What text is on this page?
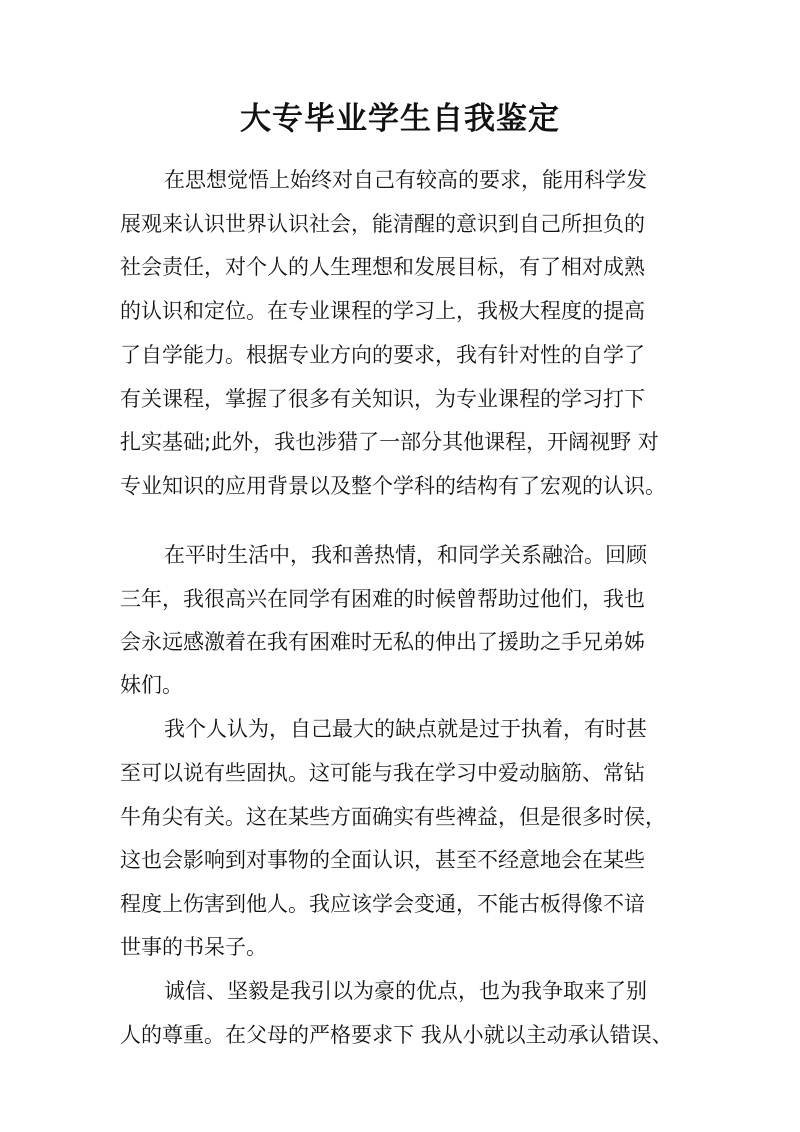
大专毕业学生自我鉴定
在思想觉悟上始终对自己有较高的要求，能用科学发
展观来认识世界认识社会，能清醒的意识到自己所担负的
社会责任，对个人的人生理想和发展目标，有了相对成熟
的认识和定位。在专业课程的学习上，我极大程度的提高
了自学能力。根据专业方向的要求，我有针对性的自学了
有关课程，掌握了很多有关知识，为专业课程的学习打下
扎实基础;此外，我也涉猎了一部分其他课程，开阔视野 对
专业知识的应用背景以及整个学科的结构有了宏观的认识。
在平时生活中，我和善热情，和同学关系融洽。回顾
三年，我很高兴在同学有困难的时候曾帮助过他们，我也
会永远感激着在我有困难时无私的伸出了援助之手兄弟姊
妹们。
我个人认为，自己最大的缺点就是过于执着，有时甚
至可以说有些固执。这可能与我在学习中爱动脑筋、常钻
牛角尖有关。这在某些方面确实有些裨益，但是很多时侯，
这也会影响到对事物的全面认识，甚至不经意地会在某些
程度上伤害到他人。我应该学会变通，不能古板得像不谙
世事的书呆子。
诚信、坚毅是我引以为豪的优点，也为我争取来了别
人的尊重。在父母的严格要求下 我从小就以主动承认错误、
